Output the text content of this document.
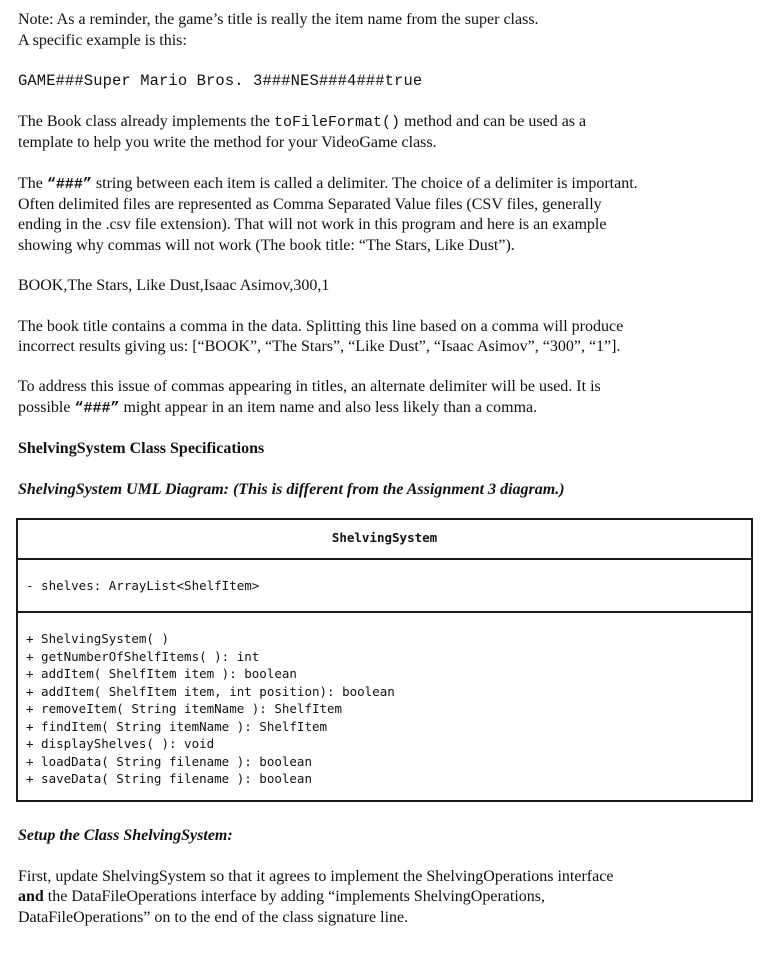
Note: As a reminder, the game’s title is really the item name from the super class.
A specific example is this:
GAME###Super Mario Bros. 3###NES###4###true
The Book class already implements the toFileFormat() method and can be used as a
template to help you write the method for your VideoGame class.
The “###” string between each item is called a delimiter. The choice of a delimiter is important.
Often delimited files are represented as Comma Separated Value files (CSV files, generally
ending in the .csv file extension). That will not work in this program and here is an example
showing why commas will not work (The book title: “The Stars, Like Dust”).
BOOK,The Stars, Like Dust,Isaac Asimov,300,1
The book title contains a comma in the data. Splitting this line based on a comma will produce
incorrect results giving us: [“BOOK”, “The Stars”, “Like Dust”, “Isaac Asimov”, “300”, “1”].
To address this issue of commas appearing in titles, an alternate delimiter will be used. It is
possible “###” might appear in an item name and also less likely than a comma.
ShelvingSystem Class Specifications
ShelvingSystem UML Diagram: (This is different from the Assignment 3 diagram.)
Setup the Class ShelvingSystem:
First, update ShelvingSystem so that it agrees to implement the ShelvingOperations interface
and the DataFileOperations interface by adding “implements ShelvingOperations,
DataFileOperations” on to the end of the class signature line.
ShelvingSystem
- shelves: ArrayList<ShelfItem>
+ ShelvingSystem( )
+ getNumberOfShelfItems( ): int
+ addItem( ShelfItem item ): boolean
+ addItem( ShelfItem item, int position): boolean
+ removeItem( String itemName ): ShelfItem
+ findItem( String itemName ): ShelfItem
+ displayShelves( ): void
+ loadData( String filename ): boolean
+ saveData( String filename ): boolean
